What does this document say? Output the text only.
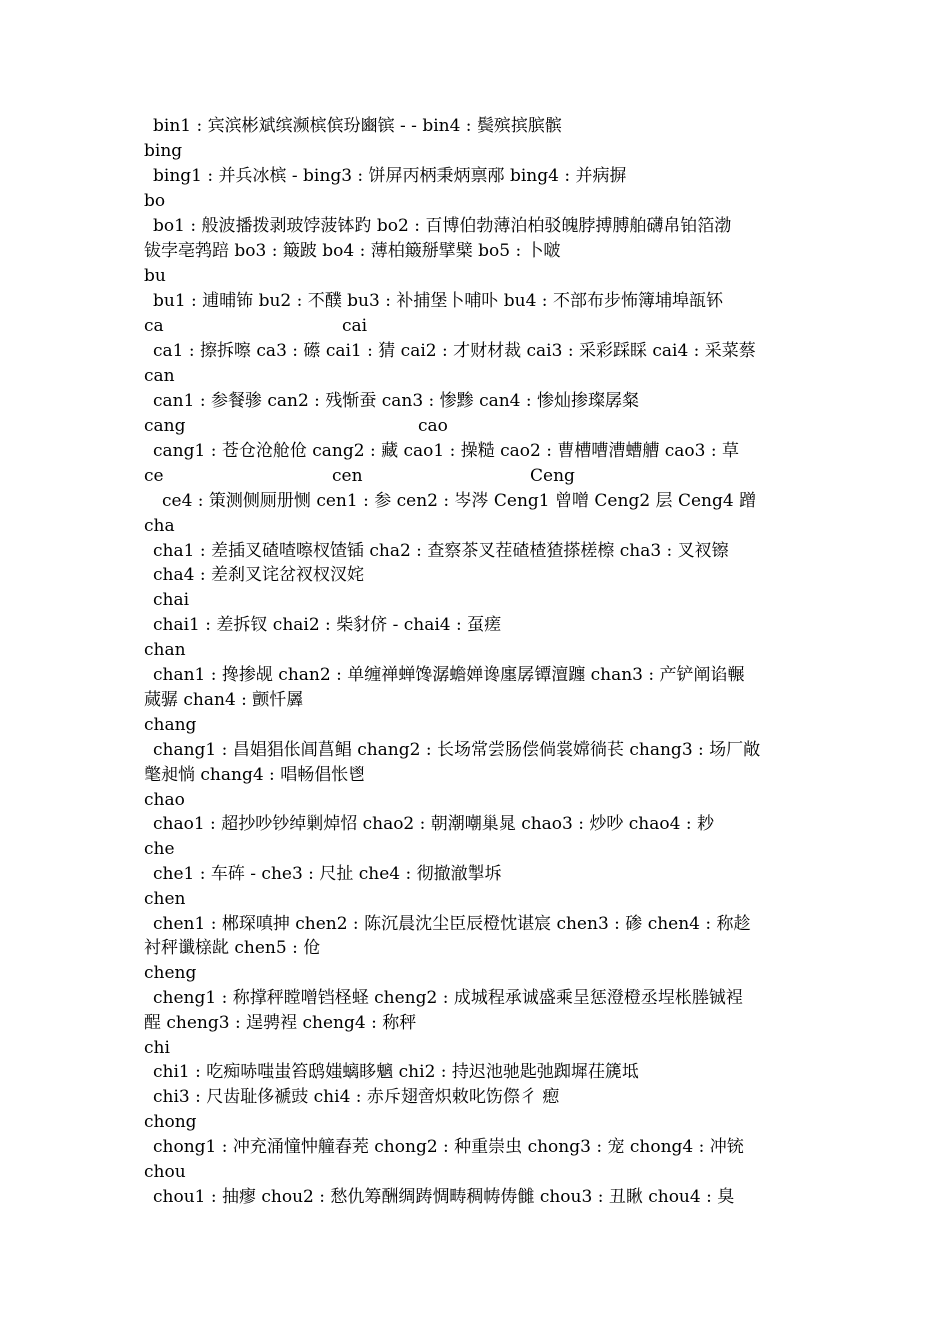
bin1 : 宾滨彬斌缤濒槟傧玢豳镔 - - bin4 : 鬓殡摈膑髌
bing
bing1 : 并兵冰槟 - bing3 : 饼屏丙柄秉炳禀邴 bing4 : 并病摒
bo
bo1 : 般波播拨剥玻饽菠钵趵 bo2 : 百博伯勃薄泊柏驳魄脖搏膊舶礴帛铂箔渤
钹孛亳鹁踣 bo3 : 簸跛 bo4 : 薄柏簸掰擘檗 bo5 : 卜啵
bu
bu1 : 逋晡钸 bu2 : 不醭 bu3 : 补捕堡卜哺卟 bu4 : 不部布步怖簿埔埠瓿钚
ca	cai
ca1 : 擦拆嚓 ca3 : 礤 cai1 : 猜 cai2 : 才财材裁 cai3 : 采彩踩睬 cai4 : 采菜蔡
can
can1 : 参餐骖 can2 : 残惭蚕 can3 : 惨黪 can4 : 惨灿掺璨孱粲
cang	cao
cang1 : 苍仓沧舱伧 cang2 : 藏 cao1 : 操糙 cao2 : 曹槽嘈漕螬艚 cao3 : 草
ce	cen	Ceng
ce4 : 策测侧厕册恻 cen1 : 参 cen2 : 岑涔 Ceng1 曾噌 Ceng2 层 Ceng4 蹭
cha
cha1 : 差插叉碴喳嚓杈馇锸 cha2 : 查察茶叉茬碴楂猹搽槎檫 cha3 : 叉衩镲
cha4 : 差刹叉诧岔衩杈汊姹
chai
chai1 : 差拆钗 chai2 : 柴豺侪 - chai4 : 虿瘥
chan
chan1 : 搀掺觇 chan2 : 单缠禅蝉馋潺蟾婵谗廛孱镡澶躔 chan3 : 产铲阐谄冁
蒇骣 chan4 : 颤忏羼
chang
chang1 : 昌娼猖伥阊菖鲳 chang2 : 长场常尝肠偿倘裳嫦徜苌 chang3 : 场厂敞
氅昶惝 chang4 : 唱畅倡怅鬯
chao
chao1 : 超抄吵钞绰剿焯怊 chao2 : 朝潮嘲巢晁 chao3 : 炒吵 chao4 : 耖
che
che1 : 车砗 - che3 : 尺扯 che4 : 彻撤澈掣坼
chen
chen1 : 郴琛嗔抻 chen2 : 陈沉晨沈尘臣辰橙忱谌宸 chen3 : 碜 chen4 : 称趁
衬秤谶榇龀 chen5 : 伧
cheng
cheng1 : 称撑秤瞠噌铛柽蛏 cheng2 : 成城程承诚盛乘呈惩澄橙丞埕枨塍铖裎
酲 cheng3 : 逞骋裎 cheng4 : 称秤
chi
chi1 : 吃痴哧嗤蚩笞鸱媸螭眵魑 chi2 : 持迟池驰匙弛踟墀茌篪坻
chi3 : 尺齿耻侈褫豉 chi4 : 赤斥翅啻炽敕叱饬傺彳 瘛
chong
chong1 : 冲充涌憧忡艟舂茺 chong2 : 种重崇虫 chong3 : 宠 chong4 : 冲铳
chou
chou1 : 抽瘳 chou2 : 愁仇筹酬绸踌惆畴稠帱俦雠 chou3 : 丑瞅 chou4 : 臭
